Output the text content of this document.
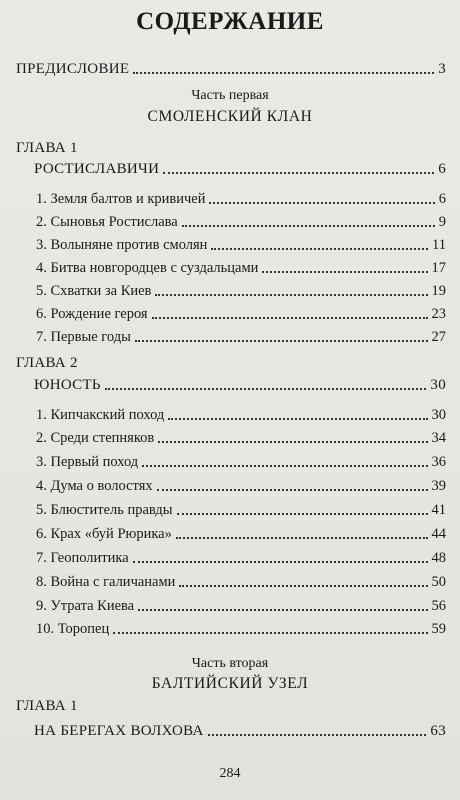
СОДЕРЖАНИЕ
ПРЕДИСЛОВИЕ	3
Часть первая
СМОЛЕНСКИЙ КЛАН
ГЛАВА 1
РОСТИСЛАВИЧИ	6
1. Земля балтов и кривичей	6
2. Сыновья Ростислава	9
3. Волыняне против смолян	11
4. Битва новгородцев с суздальцами	17
5. Схватки за Киев	19
6. Рождение героя	23
7. Первые годы	27
ГЛАВА 2
ЮНОСТЬ	30
1. Кипчакский поход	30
2. Среди степняков	34
3. Первый поход	36
4. Дума о волостях	39
5. Блюститель правды	41
6. Крах «буй Рюрика»	44
7. Геополитика	48
8. Война с галичанами	50
9. Утрата Киева	56
10. Торопец	59
Часть вторая
БАЛТИЙСКИЙ УЗЕЛ
ГЛАВА 1
НА БЕРЕГАХ ВОЛХОВА	63
284
